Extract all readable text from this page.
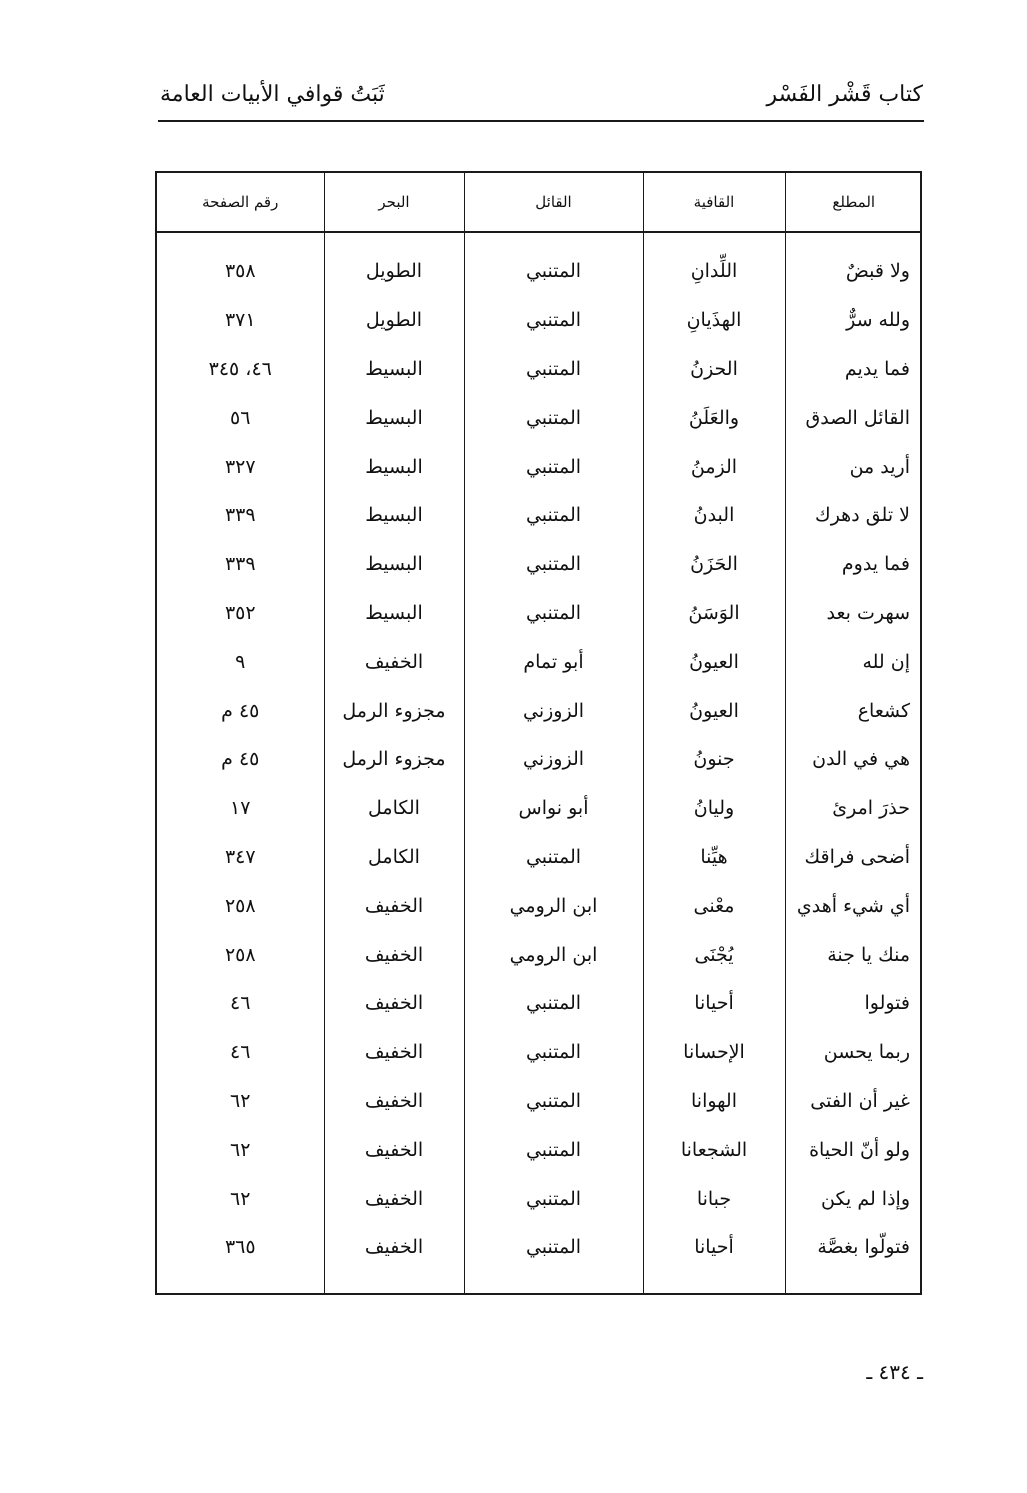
كتاب قَشْر الفَسْر
ثَبَتُ قوافي الأبيات العامة
المطلع	القافية	القائل	البحر	رقم الصفحة
ولا قبضٌ	اللِّدانِ	المتنبي	الطويل	٣٥٨
ولله سرٌّ	الهذَيانِ	المتنبي	الطويل	٣٧١
فما يديم	الحزنُ	المتنبي	البسيط	٤٦، ٣٤٥
القائل الصدق	والعَلَنُ	المتنبي	البسيط	٥٦
أريد من	الزمنُ	المتنبي	البسيط	٣٢٧
لا تلق دهرك	البدنُ	المتنبي	البسيط	٣٣٩
فما يدوم	الحَزَنُ	المتنبي	البسيط	٣٣٩
سهرت بعد	الوَسَنُ	المتنبي	البسيط	٣٥٢
إن لله	العيونُ	أبو تمام	الخفيف	٩
كشعاع	العيونُ	الزوزني	مجزوء الرمل	٤٥ م
هي في الدن	جنونُ	الزوزني	مجزوء الرمل	٤٥ م
حذرَ امرئ	وليانُ	أبو نواس	الكامل	١٧
أضحى فراقك	هيِّنا	المتنبي	الكامل	٣٤٧
أي شيء أهدي	معْنى	ابن الرومي	الخفيف	٢٥٨
منك يا جنة	يُجْنَى	ابن الرومي	الخفيف	٢٥٨
فتولوا	أحيانا	المتنبي	الخفيف	٤٦
ربما يحسن	الإحسانا	المتنبي	الخفيف	٤٦
غير أن الفتى	الهوانا	المتنبي	الخفيف	٦٢
ولو أنّ الحياة	الشجعانا	المتنبي	الخفيف	٦٢
وإذا لم يكن	جبانا	المتنبي	الخفيف	٦٢
فتولّوا بغصَّة	أحيانا	المتنبي	الخفيف	٣٦٥

ـ ٤٣٤ ـ
